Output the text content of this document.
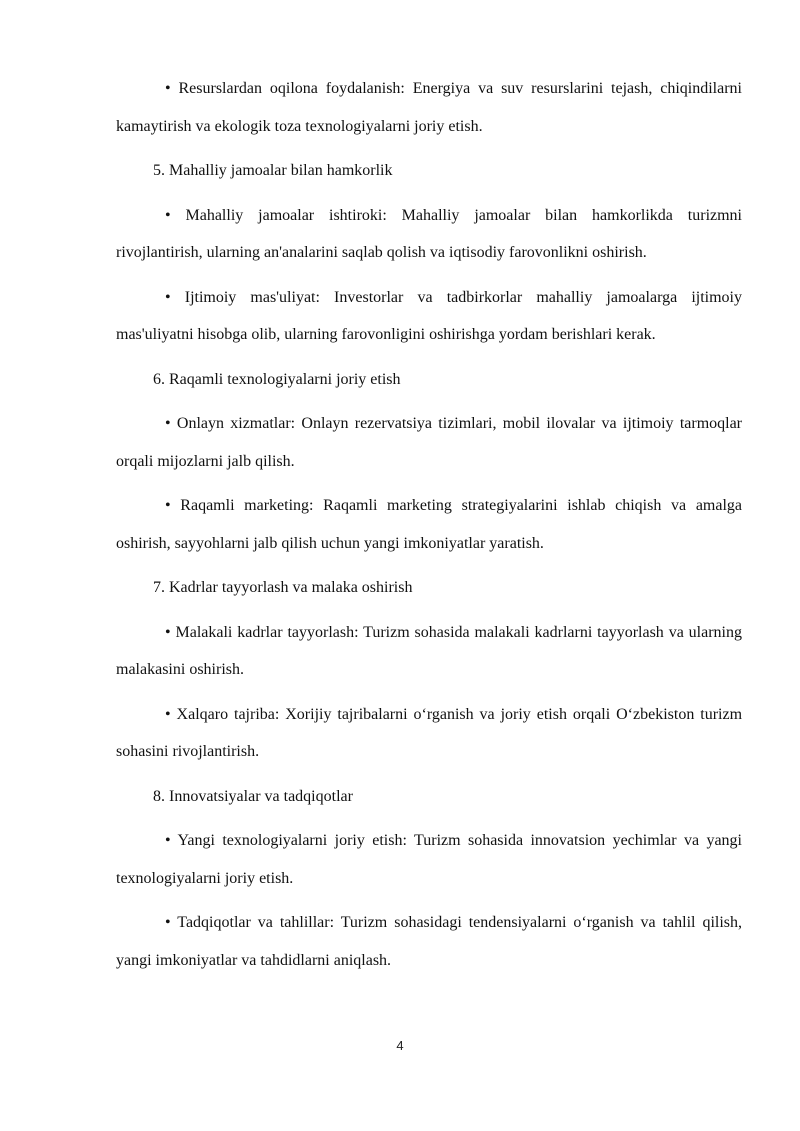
• Resurslardan oqilona foydalanish: Energiya va suv resurslarini tejash, chiqindilarni kamaytirish va ekologik toza texnologiyalarni joriy etish.

5. Mahalliy jamoalar bilan hamkorlik

• Mahalliy jamoalar ishtiroki: Mahalliy jamoalar bilan hamkorlikda turizmni rivojlantirish, ularning an'analarini saqlab qolish va iqtisodiy farovonlikni oshirish.

• Ijtimoiy mas'uliyat: Investorlar va tadbirkorlar mahalliy jamoalarga ijtimoiy mas'uliyatni hisobga olib, ularning farovonligini oshirishga yordam berishlari kerak.

6. Raqamli texnologiyalarni joriy etish

• Onlayn xizmatlar: Onlayn rezervatsiya tizimlari, mobil ilovalar va ijtimoiy tarmoqlar orqali mijozlarni jalb qilish.

• Raqamli marketing: Raqamli marketing strategiyalarini ishlab chiqish va amalga oshirish, sayyohlarni jalb qilish uchun yangi imkoniyatlar yaratish.

7. Kadrlar tayyorlash va malaka oshirish

• Malakali kadrlar tayyorlash: Turizm sohasida malakali kadrlarni tayyorlash va ularning malakasini oshirish.

• Xalqaro tajriba: Xorijiy tajribalarni o‘rganish va joriy etish orqali O‘zbekiston turizm sohasini rivojlantirish.

8. Innovatsiyalar va tadqiqotlar

• Yangi texnologiyalarni joriy etish: Turizm sohasida innovatsion yechimlar va yangi texnologiyalarni joriy etish.

• Tadqiqotlar va tahlillar: Turizm sohasidagi tendensiyalarni o‘rganish va tahlil qilish, yangi imkoniyatlar va tahdidlarni aniqlash.

4
